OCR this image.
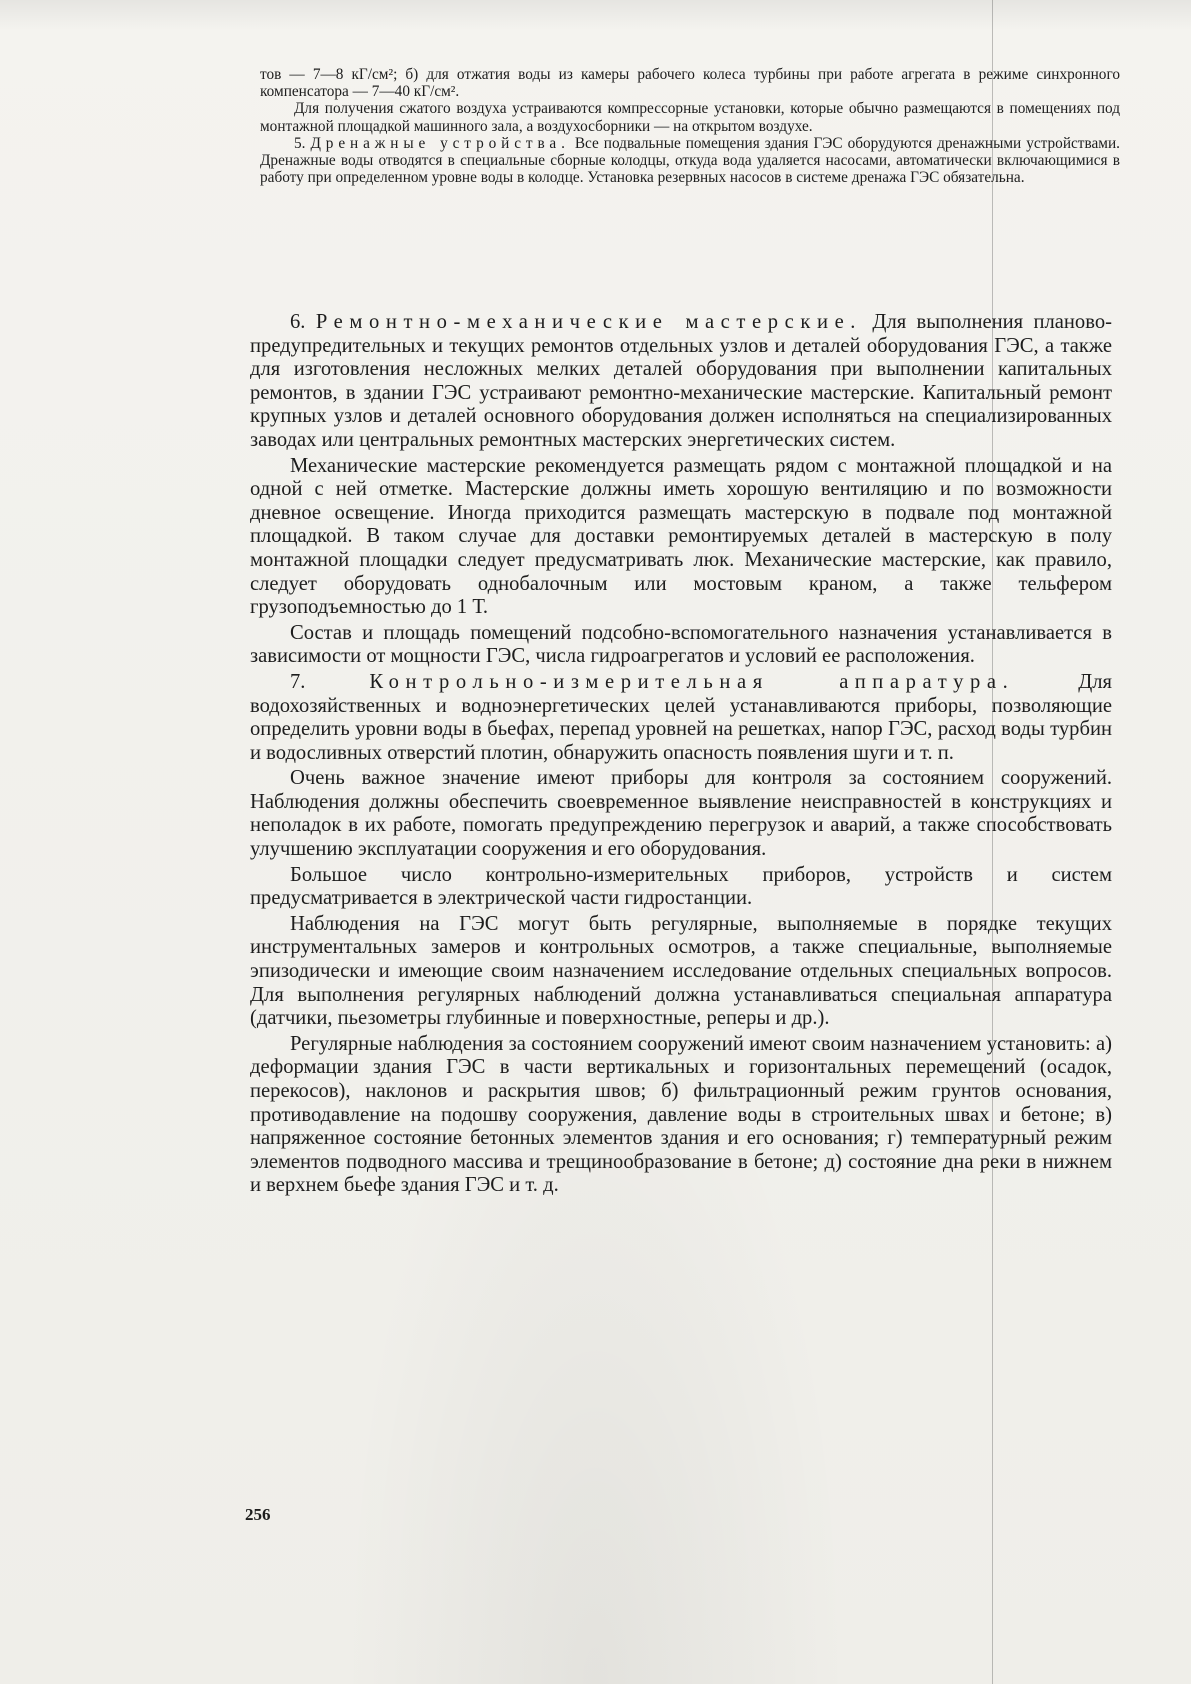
тов — 7—8 кГ/см²; б) для отжатия воды из камеры рабочего колеса турбины при работе агрегата в режиме синхронного компенсатора — 7—40 кГ/см².

Для получения сжатого воздуха устраиваются компрессорные установки, которые обычно размещаются в помещениях под монтажной площадкой машинного зала, а воздухосборники — на открытом воздухе.

5. Дренажные устройства. Все подвальные помещения здания ГЭС оборудуются дренажными устройствами. Дренажные воды отводятся в специальные сборные колодцы, откуда вода удаляется насосами, автоматически включающимися в работу при определенном уровне воды в колодце. Установка резервных насосов в системе дренажа ГЭС обязательна.

6. Ремонтно-механические мастерские. Для выполнения планово-предупредительных и текущих ремонтов отдельных узлов и деталей оборудования ГЭС, а также для изготовления несложных мелких деталей оборудования при выполнении капитальных ремонтов, в здании ГЭС устраивают ремонтно-механические мастерские. Капитальный ремонт крупных узлов и деталей основного оборудования должен исполняться на специализированных заводах или центральных ремонтных мастерских энергетических систем.

Механические мастерские рекомендуется размещать рядом с монтажной площадкой и на одной с ней отметке. Мастерские должны иметь хорошую вентиляцию и по возможности дневное освещение. Иногда приходится размещать мастерскую в подвале под монтажной площадкой. В таком случае для доставки ремонтируемых деталей в мастерскую в полу монтажной площадки следует предусматривать люк. Механические мастерские, как правило, следует оборудовать однобалочным или мостовым краном, а также тельфером грузоподъемностью до 1 Т.

Состав и площадь помещений подсобно-вспомогательного назначения устанавливается в зависимости от мощности ГЭС, числа гидроагрегатов и условий ее расположения.

7.	Контрольно-измерительная аппаратура.	Для водохозяйственных и водноэнергетических целей устанавливаются приборы, позволяющие определить уровни воды в бьефах, перепад уровней на решетках, напор ГЭС, расход воды турбин и водосливных отверстий плотин, обнаружить опасность появления шуги и т. п.

Очень важное значение имеют приборы для контроля за состоянием сооружений. Наблюдения должны обеспечить своевременное выявление неисправностей в конструкциях и неполадок в их работе, помогать предупреждению перегрузок и аварий, а также способствовать улучшению эксплуатации сооружения и его оборудования.

Большое число контрольно-измерительных приборов, устройств и систем предусматривается в электрической части гидростанции.

Наблюдения на ГЭС могут быть регулярные, выполняемые в порядке текущих инструментальных замеров и контрольных осмотров, а также специальные, выполняемые эпизодически и имеющие своим назначением исследование отдельных специальных вопросов. Для выполнения регулярных наблюдений должна устанавливаться специальная аппаратура (датчики, пьезометры глубинные и поверхностные, реперы и др.).

Регулярные наблюдения за состоянием сооружений имеют своим назначением установить: а) деформации здания ГЭС в части вертикальных и горизонтальных перемещений (осадок, перекосов), наклонов и раскрытия швов; б) фильтрационный режим грунтов основания, противодавление на подошву сооружения, давление воды в строительных швах и бетоне; в) напряженное состояние бетонных элементов здания и его основания; г) температурный режим элементов подводного массива и трещинообразование в бетоне; д) состояние дна реки в нижнем и верхнем бьефе здания ГЭС и т. д.

256
